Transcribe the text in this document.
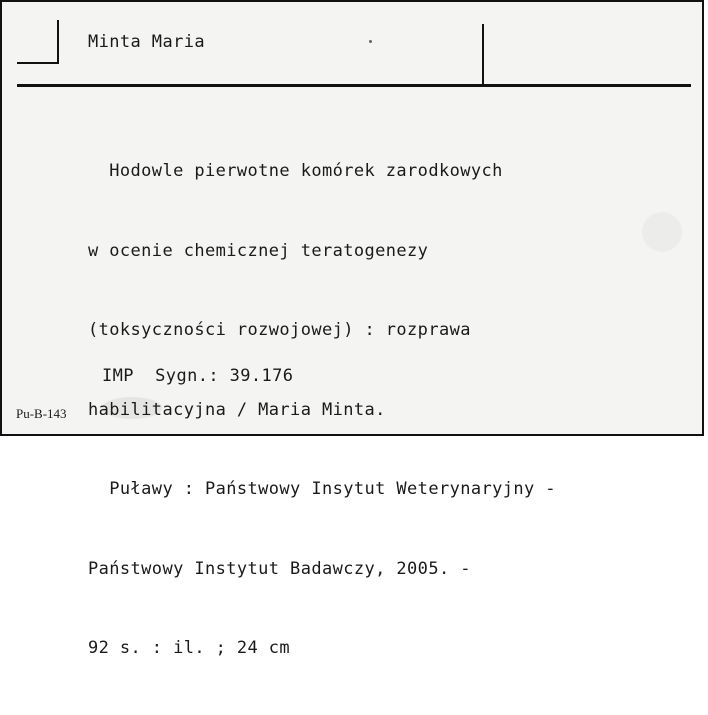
Minta Maria

Hodowle pierwotne komórek zarodkowych

w ocenie chemicznej teratogenezy

(toksyczności rozwojowej) : rozprawa

habilitacyjna / Maria Minta.

Puławy : Państwowy Insytut Weterynaryjny -

Państwowy Instytut Badawczy, 2005. -

92 s. : il. ; 24 cm

IMP  Sygn.: 39.176
Pu-B-143
